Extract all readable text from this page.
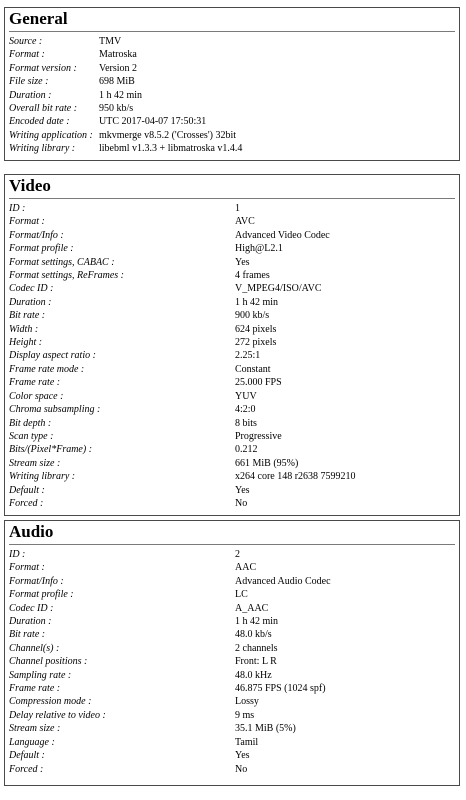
General
Source :	TMV
Format :	Matroska
Format version :	Version 2
File size :	698 MiB
Duration :	1 h 42 min
Overall bit rate :	950 kb/s
Encoded date :	UTC 2017-04-07 17:50:31
Writing application :	mkvmerge v8.5.2 ('Crosses') 32bit
Writing library :	libebml v1.3.3 + libmatroska v1.4.4
Video
ID :	1
Format :	AVC
Format/Info :	Advanced Video Codec
Format profile :	High@L2.1
Format settings, CABAC :	Yes
Format settings, ReFrames :	4 frames
Codec ID :	V_MPEG4/ISO/AVC
Duration :	1 h 42 min
Bit rate :	900 kb/s
Width :	624 pixels
Height :	272 pixels
Display aspect ratio :	2.25:1
Frame rate mode :	Constant
Frame rate :	25.000 FPS
Color space :	YUV
Chroma subsampling :	4:2:0
Bit depth :	8 bits
Scan type :	Progressive
Bits/(Pixel*Frame) :	0.212
Stream size :	661 MiB (95%)
Writing library :	x264 core 148 r2638 7599210
Default :	Yes
Forced :	No
Audio
ID :	2
Format :	AAC
Format/Info :	Advanced Audio Codec
Format profile :	LC
Codec ID :	A_AAC
Duration :	1 h 42 min
Bit rate :	48.0 kb/s
Channel(s) :	2 channels
Channel positions :	Front: L R
Sampling rate :	48.0 kHz
Frame rate :	46.875 FPS (1024 spf)
Compression mode :	Lossy
Delay relative to video :	9 ms
Stream size :	35.1 MiB (5%)
Language :	Tamil
Default :	Yes
Forced :	No
